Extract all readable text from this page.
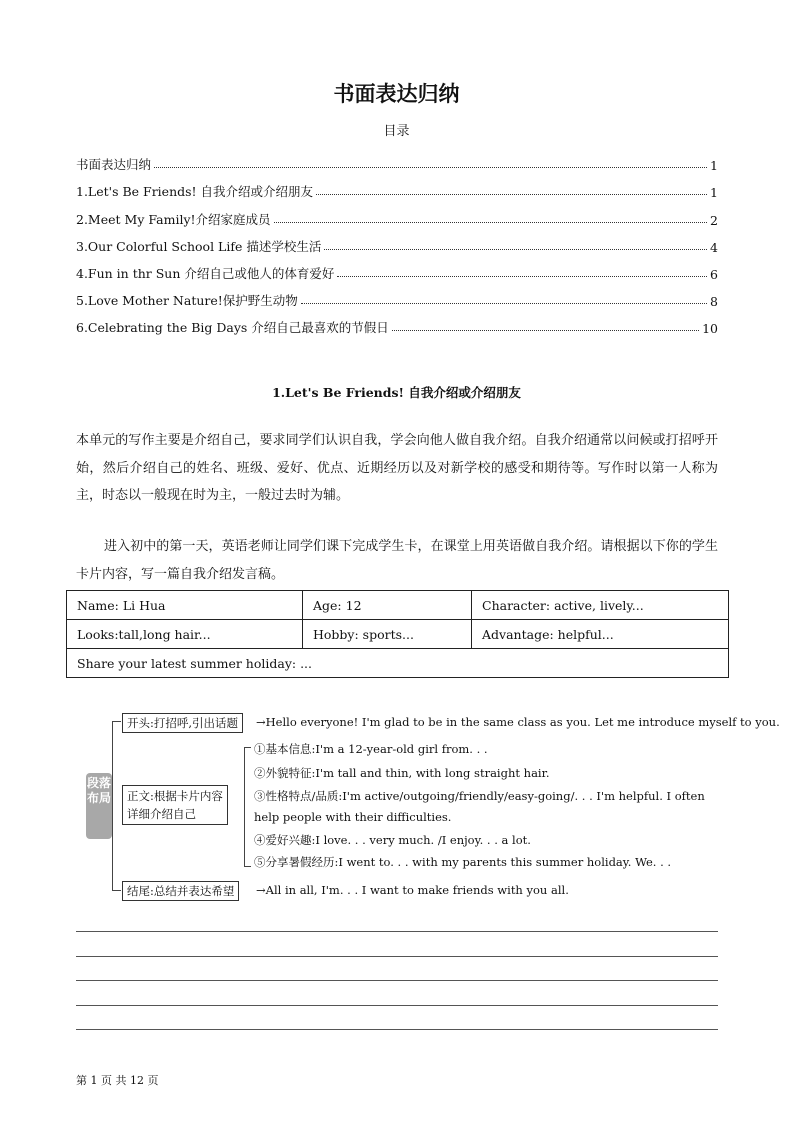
书面表达归纳
目录
书面表达归纳	1
1.Let's Be Friends! 自我介绍或介绍朋友	1
2.Meet My Family!介绍家庭成员	2
3.Our Colorful School Life 描述学校生活	4
4.Fun in thr Sun 介绍自己或他人的体育爱好	6
5.Love Mother Nature!保护野生动物	8
6.Celebrating the Big Days 介绍自己最喜欢的节假日	10
1.Let's Be Friends! 自我介绍或介绍朋友
本单元的写作主要是介绍自己，要求同学们认识自我，学会向他人做自我介绍。自我介绍通常以问候或打招呼开始，然后介绍自己的姓名、班级、爱好、优点、近期经历以及对新学校的感受和期待等。写作时以第一人称为主，时态以一般现在时为主，一般过去时为辅。
进入初中的第一天，英语老师让同学们课下完成学生卡，在课堂上用英语做自我介绍。请根据以下你的学生卡片内容，写一篇自我介绍发言稿。
Name: Li Hua	Age: 12	Character: active, lively...
Looks:tall,long hair...	Hobby: sports...	Advantage: helpful...
Share your latest summer holiday: ...		
段落布局
开头:打招呼,引出话题	→Hello everyone! I'm glad to be in the same class as you. Let me introduce myself to you.
正文:根据卡片内容
详细介绍自己
①基本信息:I'm a 12-year-old girl from. . .
②外貌特征:I'm tall and thin, with long straight hair.
③性格特点/品质:I'm active/outgoing/friendly/easy-going/. . . I'm helpful. I often
help people with their difficulties.
④爱好兴趣:I love. . . very much. /I enjoy. . . a lot.
⑤分享暑假经历:I went to. . . with my parents this summer holiday. We. . .
结尾:总结并表达希望	→All in all, I'm. . . I want to make friends with you all.
第 1 页 共 12 页
